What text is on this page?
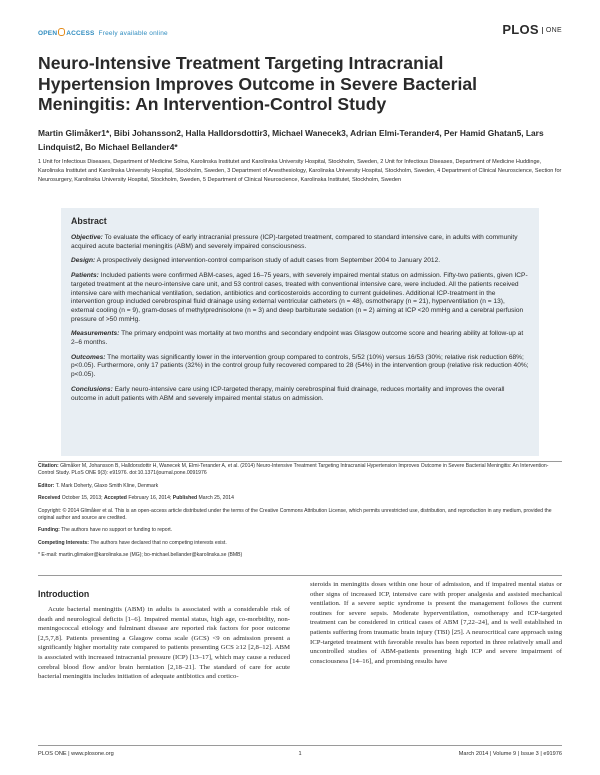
OPEN ACCESS Freely available online	PLOS ONE
Neuro-Intensive Treatment Targeting Intracranial Hypertension Improves Outcome in Severe Bacterial Meningitis: An Intervention-Control Study
Martin Glimåker1*, Bibi Johansson2, Halla Halldorsdottir3, Michael Wanecek3, Adrian Elmi-Terander4, Per Hamid Ghatan5, Lars Lindquist2, Bo Michael Bellander4*
1 Unit for Infectious Diseases, Department of Medicine Solna, Karolinska Institutet and Karolinska University Hospital, Stockholm, Sweden, 2 Unit for Infectious Diseases, Department of Medicine Huddinge, Karolinska Institutet and Karolinska University Hospital, Stockholm, Sweden, 3 Department of Anesthesiology, Karolinska University Hospital, Stockholm, Sweden, 4 Department of Clinical Neuroscience, Section for Neurosurgery, Karolinska University Hospital, Stockholm, Sweden, 5 Department of Clinical Neuroscience, Karolinska Institutet, Stockholm, Sweden
Abstract

Objective: To evaluate the efficacy of early intracranial pressure (ICP)-targeted treatment, compared to standard intensive care, in adults with community acquired acute bacterial meningitis (ABM) and severely impaired consciousness.

Design: A prospectively designed intervention-control comparison study of adult cases from September 2004 to January 2012.

Patients: Included patients were confirmed ABM-cases, aged 16–75 years, with severely impaired mental status on admission. Fifty-two patients, given ICP-targeted treatment at the neuro-intensive care unit, and 53 control cases, treated with conventional intensive care, were included. All the patients received intensive care with mechanical ventilation, sedation, antibiotics and corticosteroids according to current guidelines. Additional ICP-treatment in the intervention group included cerebrospinal fluid drainage using external ventricular catheters (n = 48), osmotherapy (n = 21), hyperventilation (n = 13), external cooling (n = 9), gram-doses of methylprednisolone (n = 3) and deep barbiturate sedation (n = 2) aiming at ICP <20 mmHg and a cerebral perfusion pressure of >50 mmHg.

Measurements: The primary endpoint was mortality at two months and secondary endpoint was Glasgow outcome score and hearing ability at follow-up at 2–6 months.

Outcomes: The mortality was significantly lower in the intervention group compared to controls, 5/52 (10%) versus 16/53 (30%; relative risk reduction 68%; p<0.05). Furthermore, only 17 patients (32%) in the control group fully recovered compared to 28 (54%) in the intervention group (relative risk reduction 40%; p<0.05).

Conclusions: Early neuro-intensive care using ICP-targeted therapy, mainly cerebrospinal fluid drainage, reduces mortality and improves the overall outcome in adult patients with ABM and severely impaired mental status on admission.

Citation: Glimåker M, Johansson B, Halldorsdottir H, Wanecek M, Elmi-Terander A, et al. (2014) Neuro-Intensive Treatment Targeting Intracranial Hypertension Improves Outcome in Severe Bacterial Meningitis: An Intervention-Control Study. PLoS ONE 9(3): e91976. doi:10.1371/journal.pone.0091976

Editor: T. Mark Doherty, Glaxo Smith Kline, Denmark

Received October 15, 2013; Accepted February 16, 2014; Published March 25, 2014

Copyright: © 2014 Glimåker et al. This is an open-access article distributed under the terms of the Creative Commons Attribution License, which permits unrestricted use, distribution, and reproduction in any medium, provided the original author and source are credited.

Funding: The authors have no support or funding to report.

Competing Interests: The authors have declared that no competing interests exist.

* E-mail: martin.glimaker@karolinska.se (MG); bo-michael.bellander@karolinska.se (BMB)

Introduction
Acute bacterial meningitis (ABM) in adults is associated with a considerable risk of death and neurological deficits [1–6]. Impaired mental status, high age, co-morbidity, non-meningococcal etiology and fulminant disease are reported risk factors for poor outcome [2,5,7,8]. Patients presenting a Glasgow coma scale (GCS) <9 on admission present a significantly higher mortality rate compared to patients presenting GCS ≥12 [2,8–12]. ABM is associated with increased intracranial pressure (ICP) [13–17], which may cause a reduced cerebral blood flow and/or brain herniation [2,18–21]. The standard of care for acute bacterial meningitis includes initiation of adequate antibiotics and cortico-
steroids in meningitis doses within one hour of admission, and if impaired mental status or other signs of increased ICP, intensive care with proper analgesia and assisted mechanical ventilation. If a severe septic syndrome is present the management follows the current routines for severe sepsis. Moderate hyperventilation, osmotherapy and ICP-targeted treatment can be considered in critical cases of ABM [7,22–24], and is well established in patients suffering from traumatic brain injury (TBI) [25]. A neurocritical care approach using ICP-targeted treatment with favorable results has been reported in three relatively small and uncontrolled studies of ABM-patients presenting high ICP and severe impairment of consciousness [14–16], and promising results have
PLOS ONE | www.plosone.org	1	March 2014 | Volume 9 | Issue 3 | e91976
